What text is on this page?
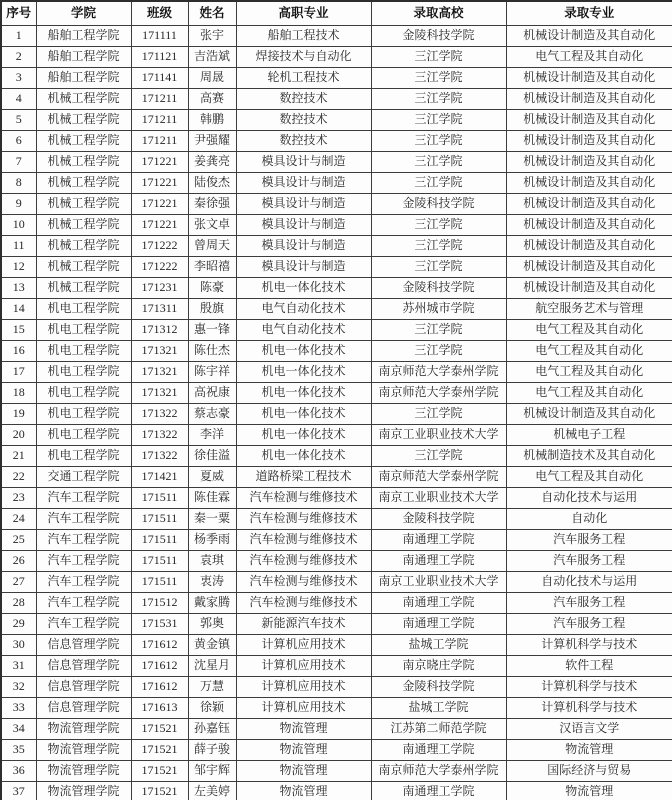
序号	学院	班级	姓名	高职专业	录取高校	录取专业
1	船舶工程学院	171111	张宇	船舶工程技术	金陵科技学院	机械设计制造及其自动化
2	船舶工程学院	171121	吉浩斌	焊接技术与自动化	三江学院	电气工程及其自动化
3	船舶工程学院	171141	周晟	轮机工程技术	三江学院	机械设计制造及其自动化
4	机械工程学院	171211	高赛	数控技术	三江学院	机械设计制造及其自动化
5	机械工程学院	171211	韩鹏	数控技术	三江学院	机械设计制造及其自动化
6	机械工程学院	171211	尹强耀	数控技术	三江学院	机械设计制造及其自动化
7	机械工程学院	171221	姜龚亮	模具设计与制造	三江学院	机械设计制造及其自动化
8	机械工程学院	171221	陆俊杰	模具设计与制造	三江学院	机械设计制造及其自动化
9	机械工程学院	171221	秦徐强	模具设计与制造	金陵科技学院	机械设计制造及其自动化
10	机械工程学院	171221	张文卓	模具设计与制造	三江学院	机械设计制造及其自动化
11	机械工程学院	171222	曾周天	模具设计与制造	三江学院	机械设计制造及其自动化
12	机械工程学院	171222	李昭禧	模具设计与制造	三江学院	机械设计制造及其自动化
13	机械工程学院	171231	陈豪	机电一体化技术	金陵科技学院	机械设计制造及其自动化
14	机电工程学院	171311	殷旗	电气自动化技术	苏州城市学院	航空服务艺术与管理
15	机电工程学院	171312	惠一锋	电气自动化技术	三江学院	电气工程及其自动化
16	机电工程学院	171321	陈仕杰	机电一体化技术	三江学院	电气工程及其自动化
17	机电工程学院	171321	陈宇祥	机电一体化技术	南京师范大学泰州学院	电气工程及其自动化
18	机电工程学院	171321	高祝康	机电一体化技术	南京师范大学泰州学院	电气工程及其自动化
19	机电工程学院	171322	蔡志豪	机电一体化技术	三江学院	机械设计制造及其自动化
20	机电工程学院	171322	李洋	机电一体化技术	南京工业职业技术大学	机械电子工程
21	机电工程学院	171322	徐佳溢	机电一体化技术	三江学院	机械制造技术及其自动化
22	交通工程学院	171421	夏威	道路桥梁工程技术	南京师范大学泰州学院	电气工程及其自动化
23	汽车工程学院	171511	陈佳霖	汽车检测与维修技术	南京工业职业技术大学	自动化技术与运用
24	汽车工程学院	171511	秦一粟	汽车检测与维修技术	金陵科技学院	自动化
25	汽车工程学院	171511	杨季雨	汽车检测与维修技术	南通理工学院	汽车服务工程
26	汽车工程学院	171511	袁琪	汽车检测与维修技术	南通理工学院	汽车服务工程
27	汽车工程学院	171511	衷涛	汽车检测与维修技术	南京工业职业技术大学	自动化技术与运用
28	汽车工程学院	171512	戴家腾	汽车检测与维修技术	南通理工学院	汽车服务工程
29	汽车工程学院	171531	郭奥	新能源汽车技术	南通理工学院	汽车服务工程
30	信息管理学院	171612	黄金镇	计算机应用技术	盐城工学院	计算机科学与技术
31	信息管理学院	171612	沈星月	计算机应用技术	南京晓庄学院	软件工程
32	信息管理学院	171612	万慧	计算机应用技术	金陵科技学院	计算机科学与技术
33	信息管理学院	171613	徐颖	计算机应用技术	盐城工学院	计算机科学与技术
34	物流管理学院	171521	孙嘉钰	物流管理	江苏第二师范学院	汉语言文学
35	物流管理学院	171521	薛子骏	物流管理	南通理工学院	物流管理
36	物流管理学院	171521	邹宇辉	物流管理	南京师范大学泰州学院	国际经济与贸易
37	物流管理学院	171521	左美婷	物流管理	南通理工学院	物流管理
